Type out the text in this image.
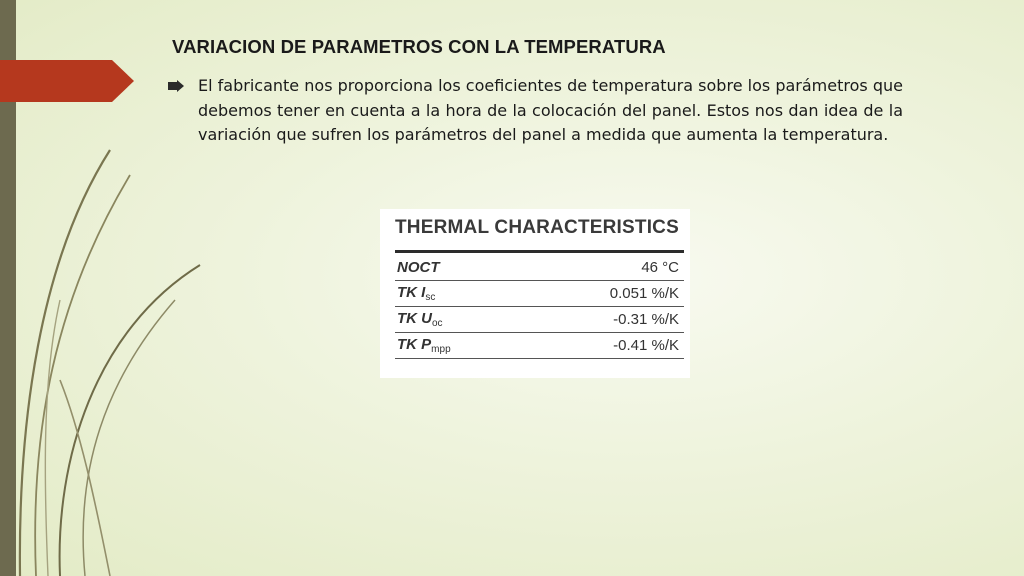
VARIACION DE PARAMETROS CON LA TEMPERATURA

El fabricante nos proporciona los coeficientes de temperatura sobre los parámetros que debemos tener en cuenta a la hora de la colocación del panel. Estos nos dan idea de la variación que sufren los parámetros del panel a medida que aumenta la temperatura.

THERMAL CHARACTERISTICS
NOCT	46 °C
TK $I_{sc}$	0.051 %/K
TK $U_{oc}$	-0.31 %/K
TK $P_{mpp}$	-0.41 %/K
